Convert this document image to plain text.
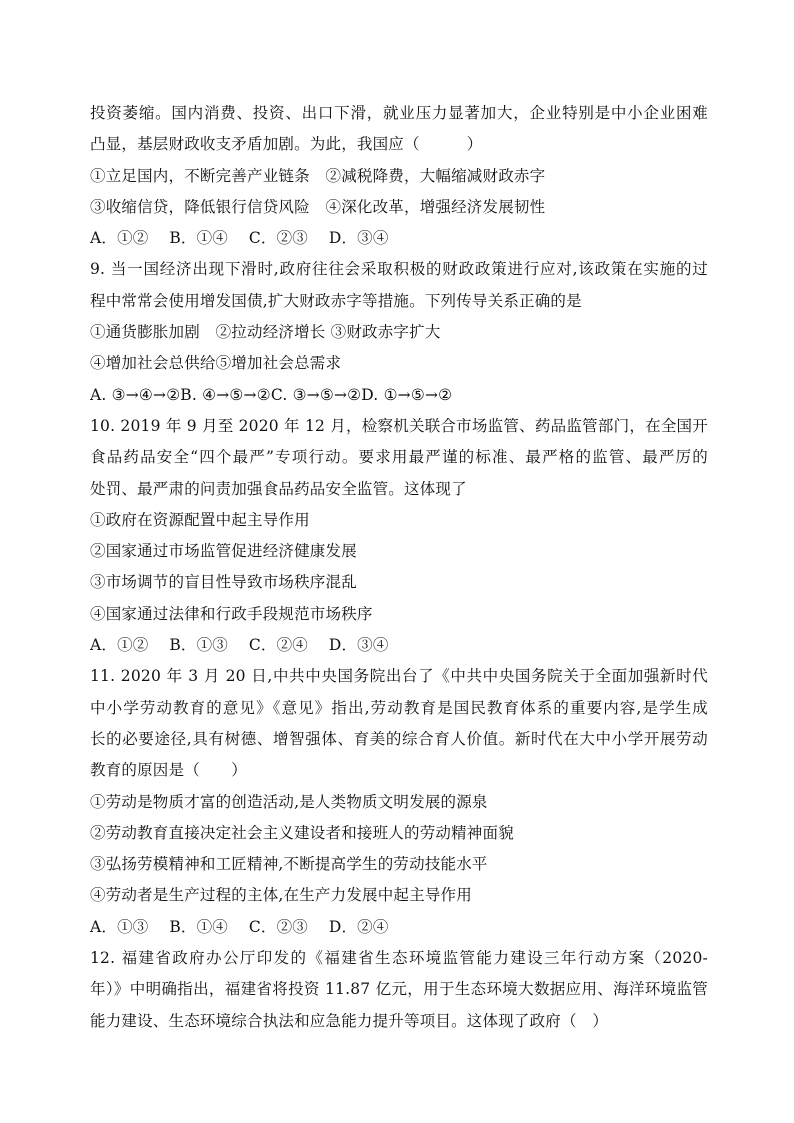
投资萎缩。国内消费、投资、出口下滑，就业压力显著加大，企业特别是中小企业困难
凸显，基层财政收支矛盾加剧。为此，我国应（　　　）
①立足国内，不断完善产业链条　②减税降费，大幅缩减财政赤字
③收缩信贷，降低银行信贷风险　④深化改革，增强经济发展韧性
A．①②　 B．①④　 C．②③　 D．③④
9. 当一国经济出现下滑时,政府往往会采取积极的财政政策进行应对,该政策在实施的过
程中常常会使用增发国债,扩大财政赤字等措施。下列传导关系正确的是
①通货膨胀加剧　②拉动经济增长 ③财政赤字扩大
④增加社会总供给⑤增加社会总需求
A. ③→④→②B. ④→⑤→②C. ③→⑤→②D. ①→⑤→②
10. 2019 年 9 月至 2020 年 12 月，检察机关联合市场监管、药品监管部门，在全国开
食品药品安全“四个最严”专项行动。要求用最严谨的标准、最严格的监管、最严厉的
处罚、最严肃的问责加强食品药品安全监管。这体现了
①政府在资源配置中起主导作用
②国家通过市场监管促进经济健康发展
③市场调节的盲目性导致市场秩序混乱
④国家通过法律和行政手段规范市场秩序
A．①②　 B．①③　 C．②④　 D．③④
11. 2020 年 3 月 20 日,中共中央国务院出台了《中共中央国务院关于全面加强新时代
中小学劳动教育的意见》《意见》指出,劳动教育是国民教育体系的重要内容,是学生成
长的必要途径,具有树德、增智强体、育美的综合育人价值。新时代在大中小学开展劳动
教育的原因是（　　）
①劳动是物质才富的创造活动,是人类物质文明发展的源泉
②劳动教育直接决定社会主义建设者和接班人的劳动精神面貌
③弘扬劳模精神和工匠精神,不断提高学生的劳动技能水平
④劳动者是生产过程的主体,在生产力发展中起主导作用
A．①③　 B．①④　 C．②③　 D．②④
12. 福建省政府办公厅印发的《福建省生态环境监管能力建设三年行动方案（2020-
年）》中明确指出，福建省将投资 11.87 亿元，用于生态环境大数据应用、海洋环境监管
能力建设、生态环境综合执法和应急能力提升等项目。这体现了政府（　）
